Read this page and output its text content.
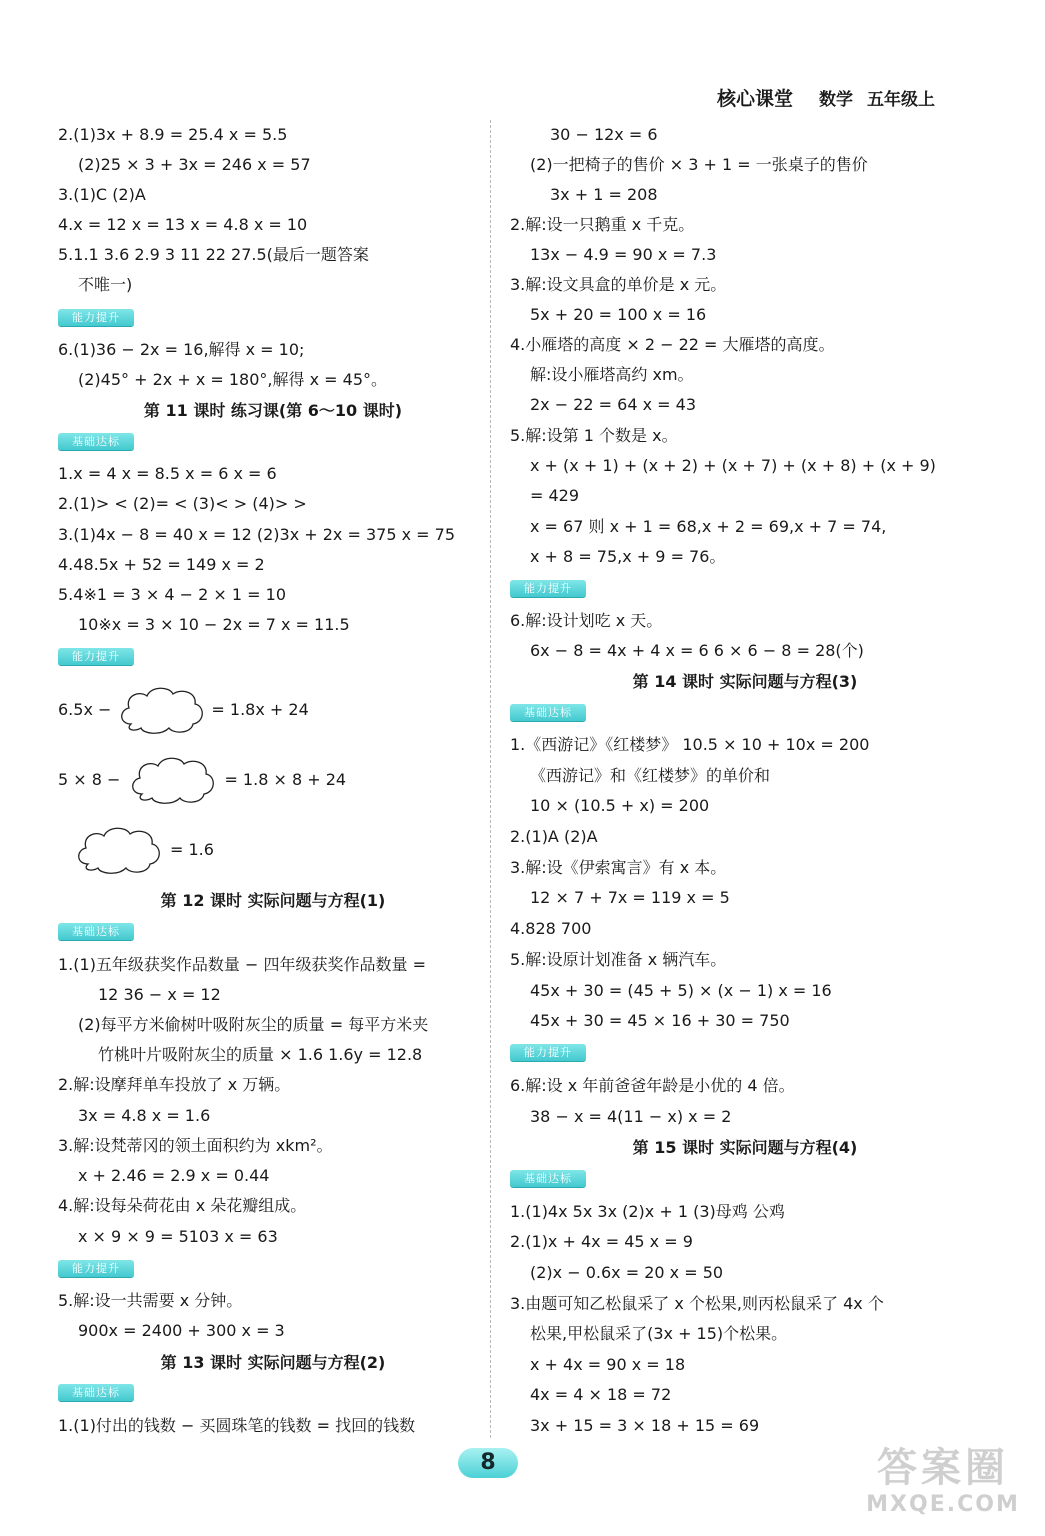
核心课堂 数学 五年级上
2.(1)3x + 8.9 = 25.4 x = 5.5
(2)25 × 3 + 3x = 246 x = 57
3.(1)C (2)A
4.x = 12 x = 13 x = 4.8 x = 10
5.1.1 3.6 2.9 3 11 22 27.5(最后一题答案
不唯一)
能力提升
6.(1)36 − 2x = 16,解得 x = 10;
(2)45° + 2x + x = 180°,解得 x = 45°。
第 11 课时 练习课(第 6～10 课时)
基础达标
1.x = 4 x = 8.5 x = 6 x = 6
2.(1)> < (2)= < (3)< > (4)> >
3.(1)4x − 8 = 40 x = 12 (2)3x + 2x = 375 x = 75
4.48.5x + 52 = 149 x = 2
5.4※1 = 3 × 4 − 2 × 1 = 10
10※x = 3 × 10 − 2x = 7 x = 11.5
能力提升
6.5x −	= 1.8x + 24
5 × 8 −	= 1.8 × 8 + 24
= 1.6
第 12 课时 实际问题与方程(1)
基础达标
1.(1)五年级获奖作品数量 − 四年级获奖作品数量 =
12 36 − x = 12
(2)每平方米偷树叶吸附灰尘的质量 = 每平方米夹
竹桃叶片吸附灰尘的质量 × 1.6 1.6y = 12.8
2.解:设摩拜单车投放了 x 万辆。
3x = 4.8 x = 1.6
3.解:设梵蒂冈的领土面积约为 xkm²。
x + 2.46 = 2.9 x = 0.44
4.解:设每朵荷花由 x 朵花瓣组成。
x × 9 × 9 = 5103 x = 63
能力提升
5.解:设一共需要 x 分钟。
900x = 2400 + 300 x = 3
第 13 课时 实际问题与方程(2)
基础达标
1.(1)付出的钱数 − 买圆珠笔的钱数 = 找回的钱数
30 − 12x = 6
(2)一把椅子的售价 × 3 + 1 = 一张桌子的售价
3x + 1 = 208
2.解:设一只鹅重 x 千克。
13x − 4.9 = 90 x = 7.3
3.解:设文具盒的单价是 x 元。
5x + 20 = 100 x = 16
4.小雁塔的高度 × 2 − 22 = 大雁塔的高度。
解:设小雁塔高约 xm。
2x − 22 = 64 x = 43
5.解:设第 1 个数是 x。
x + (x + 1) + (x + 2) + (x + 7) + (x + 8) + (x + 9)
= 429
x = 67 则 x + 1 = 68,x + 2 = 69,x + 7 = 74,
x + 8 = 75,x + 9 = 76。
能力提升
6.解:设计划吃 x 天。
6x − 8 = 4x + 4 x = 6 6 × 6 − 8 = 28(个)
第 14 课时 实际问题与方程(3)
基础达标
1.《西游记》《红楼梦》 10.5 × 10 + 10x = 200
《西游记》和《红楼梦》的单价和
10 × (10.5 + x) = 200
2.(1)A (2)A
3.解:设《伊索寓言》有 x 本。
12 × 7 + 7x = 119 x = 5
4.828 700
5.解:设原计划准备 x 辆汽车。
45x + 30 = (45 + 5) × (x − 1) x = 16
45x + 30 = 45 × 16 + 30 = 750
能力提升
6.解:设 x 年前爸爸年龄是小优的 4 倍。
38 − x = 4(11 − x) x = 2
第 15 课时 实际问题与方程(4)
基础达标
1.(1)4x 5x 3x (2)x + 1 (3)母鸡 公鸡
2.(1)x + 4x = 45 x = 9
(2)x − 0.6x = 20 x = 50
3.由题可知乙松鼠采了 x 个松果,则丙松鼠采了 4x 个
松果,甲松鼠采了(3x + 15)个松果。
x + 4x = 90 x = 18
4x = 4 × 18 = 72
3x + 15 = 3 × 18 + 15 = 69
8	答案圈
MXQE.COM
